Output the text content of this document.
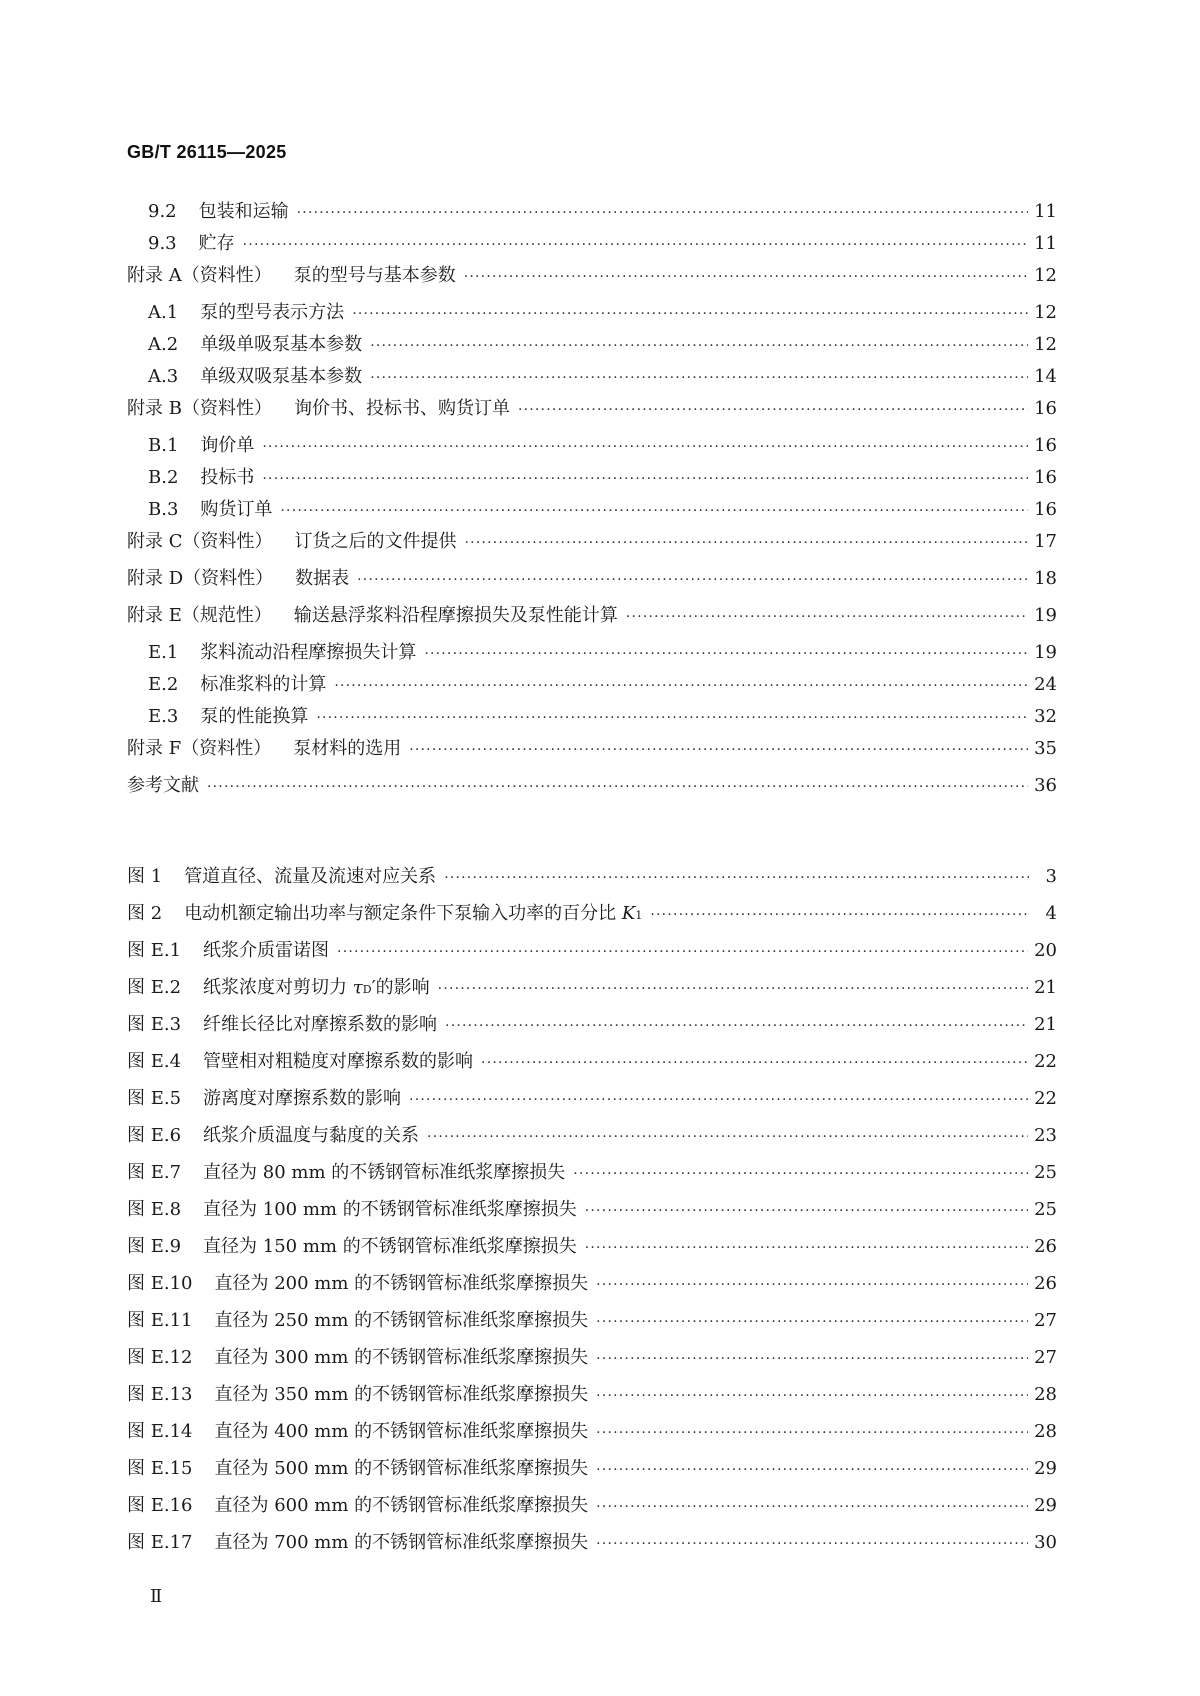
GB/T 26115—2025
9.2 包装和运输 ·····	11
9.3 贮存 ·····	11
附录 A（资料性） 泵的型号与基本参数 ·····	12
A.1 泵的型号表示方法 ·····	12
A.2 单级单吸泵基本参数 ·····	12
A.3 单级双吸泵基本参数 ·····	14
附录 B（资料性） 询价书、投标书、购货订单 ·····	16
B.1 询价单 ·····	16
B.2 投标书 ·····	16
B.3 购货订单 ·····	16
附录 C（资料性） 订货之后的文件提供 ·····	17
附录 D（资料性） 数据表 ·····	18
附录 E（规范性） 输送悬浮浆料沿程摩擦损失及泵性能计算 ·····	19
E.1 浆料流动沿程摩擦损失计算 ·····	19
E.2 标准浆料的计算 ·····	24
E.3 泵的性能换算 ·····	32
附录 F（资料性） 泵材料的选用 ·····	35
参考文献 ·····	36
图 1 管道直径、流量及流速对应关系 ·····	3
图 2 电动机额定输出功率与额定条件下泵输入功率的百分比 K 1 ·····	4
图 E.1 纸浆介质雷诺图 ·····	20
图 E.2 纸浆浓度对剪切力 τ D ′的影响 ·····	21
图 E.3 纤维长径比对摩擦系数的影响 ·····	21
图 E.4 管壁相对粗糙度对摩擦系数的影响 ·····	22
图 E.5 游离度对摩擦系数的影响 ·····	22
图 E.6 纸浆介质温度与黏度的关系 ·····	23
图 E.7 直径为 80 mm 的不锈钢管标准纸浆摩擦损失 ·····	25
图 E.8 直径为 100 mm 的不锈钢管标准纸浆摩擦损失 ·····	25
图 E.9 直径为 150 mm 的不锈钢管标准纸浆摩擦损失 ·····	26
图 E.10 直径为 200 mm 的不锈钢管标准纸浆摩擦损失 ·····	26
图 E.11 直径为 250 mm 的不锈钢管标准纸浆摩擦损失 ·····	27
图 E.12 直径为 300 mm 的不锈钢管标准纸浆摩擦损失 ·····	27
图 E.13 直径为 350 mm 的不锈钢管标准纸浆摩擦损失 ·····	28
图 E.14 直径为 400 mm 的不锈钢管标准纸浆摩擦损失 ·····	28
图 E.15 直径为 500 mm 的不锈钢管标准纸浆摩擦损失 ·····	29
图 E.16 直径为 600 mm 的不锈钢管标准纸浆摩擦损失 ·····	29
图 E.17 直径为 700 mm 的不锈钢管标准纸浆摩擦损失 ·····	30
Ⅱ
